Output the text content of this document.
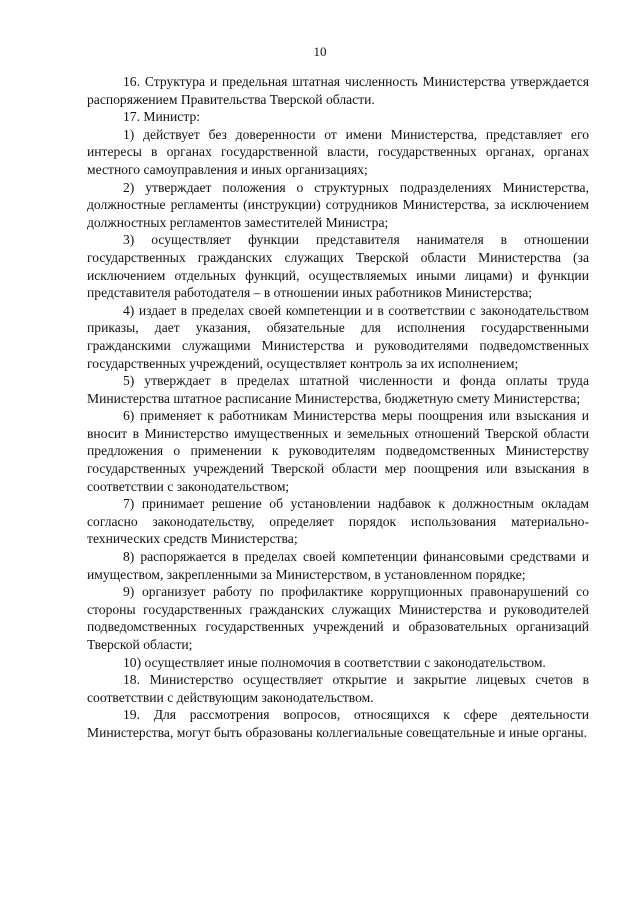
10

16. Структура и предельная штатная численность Министерства утверждается распоряжением Правительства Тверской области.

17. Министр:

1) действует без доверенности от имени Министерства, представляет его интересы в органах государственной власти, государственных органах, органах местного самоуправления и иных организациях;

2) утверждает положения о структурных подразделениях Министерства, должностные регламенты (инструкции) сотрудников Министерства, за исключением должностных регламентов заместителей Министра;

3) осуществляет функции представителя нанимателя в отношении государственных гражданских служащих Тверской области Министерства (за исключением отдельных функций, осуществляемых иными лицами) и функции представителя работодателя – в отношении иных работников Министерства;

4) издает в пределах своей компетенции и в соответствии с законодательством приказы, дает указания, обязательные для исполнения государственными гражданскими служащими Министерства и руководителями подведомственных государственных учреждений, осуществляет контроль за их исполнением;

5) утверждает в пределах штатной численности и фонда оплаты труда Министерства штатное расписание Министерства, бюджетную смету Министерства;

6) применяет к работникам Министерства меры поощрения или взыскания и вносит в Министерство имущественных и земельных отношений Тверской области предложения о применении к руководителям подведомственных Министерству государственных учреждений Тверской области мер поощрения или взыскания в соответствии с законодательством;

7) принимает решение об установлении надбавок к должностным окладам согласно законодательству, определяет порядок использования материально-технических средств Министерства;

8) распоряжается в пределах своей компетенции финансовыми средствами и имуществом, закрепленными за Министерством, в установленном порядке;

9) организует работу по профилактике коррупционных правонарушений со стороны государственных гражданских служащих Министерства и руководителей подведомственных государственных учреждений и образовательных организаций Тверской области;

10) осуществляет иные полномочия в соответствии с законодательством.

18. Министерство осуществляет открытие и закрытие лицевых счетов в соответствии с действующим законодательством.

19. Для рассмотрения вопросов, относящихся к сфере деятельности Министерства, могут быть образованы коллегиальные совещательные и иные органы.
